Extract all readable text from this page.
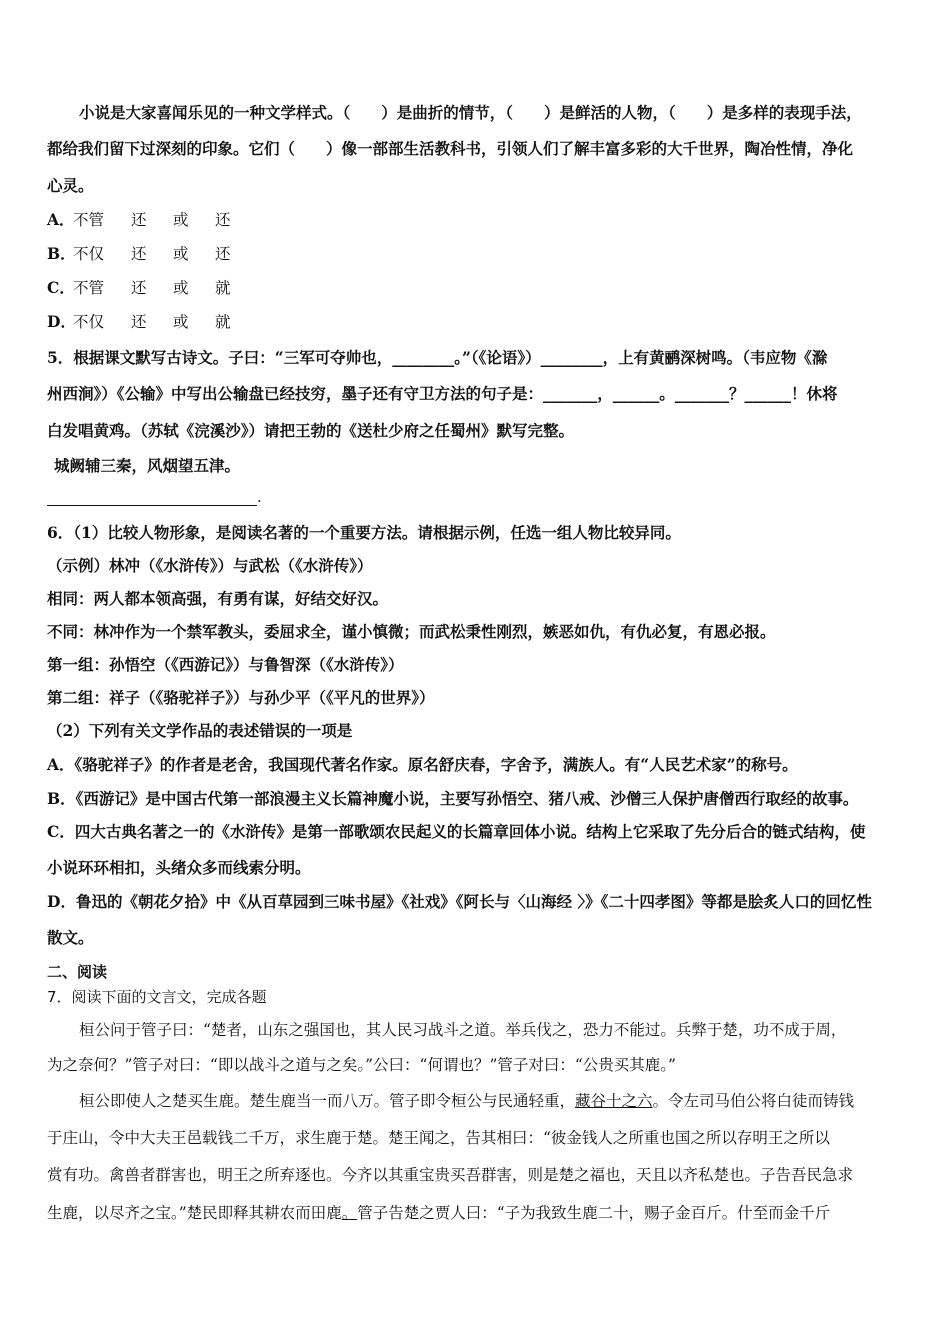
小说是大家喜闻乐见的一种文学样式。（　　）是曲折的情节，（　　）是鲜活的人物，（　　）是多样的表现手法，
都给我们留下过深刻的印象。它们（　　）像一部部生活教科书，引领人们了解丰富多彩的大千世界，陶冶性情，净化
心灵。
A．不管 还 或 还
B．不仅 还 或 还
C．不管 还 或 就
D．不仅 还 或 就
5．根据课文默写古诗文。子曰：“三军可夺帅也，________。”（《论语》）________，上有黄鹂深树鸣。（韦应物《滁
州西涧》）《公输》中写出公输盘已经技穷，墨子还有守卫方法的句子是：_______，______。_______？______！休将
白发唱黄鸡。（苏轼《浣溪沙》）请把王勃的《送杜少府之任蜀州》默写完整。
城阙辅三秦，风烟望五津。
.
6．（1）比较人物形象，是阅读名著的一个重要方法。请根据示例，任选一组人物比较异同。
（示例）林冲（《水浒传》）与武松（《水浒传》）
相同：两人都本领高强，有勇有谋，好结交好汉。
不同：林冲作为一个禁军教头，委屈求全，谨小慎微；而武松秉性刚烈，嫉恶如仇，有仇必复，有恩必报。
第一组：孙悟空（《西游记》）与鲁智深（《水浒传》）
第二组：祥子（《骆驼祥子》）与孙少平（《平凡的世界》）
（2）下列有关文学作品的表述错误的一项是
A．《骆驼祥子》的作者是老舍，我国现代著名作家。原名舒庆春，字舍予，满族人。有“人民艺术家”的称号。
B．《西游记》是中国古代第一部浪漫主义长篇神魔小说，主要写孙悟空、猪八戒、沙僧三人保护唐僧西行取经的故事。
C．四大古典名著之一的《水浒传》是第一部歌颂农民起义的长篇章回体小说。结构上它采取了先分后合的链式结构，使
小说环环相扣，头绪众多而线索分明。
D．鲁迅的《朝花夕拾》中《从百草园到三味书屋》《社戏》《阿长与〈山海经 〉》《二十四孝图》等都是脍炙人口的回忆性
散文。
二、阅读
7．阅读下面的文言文，完成各题
桓公问于管子曰：“楚者，山东之强国也，其人民习战斗之道。举兵伐之，恐力不能过。兵弊于楚，功不成于周，
为之奈何？”管子对曰：“即以战斗之道与之矣。”公曰：“何谓也？”管子对曰：“公贵买其鹿。”
桓公即使人之楚买生鹿。楚生鹿当一而八万。管子即令桓公与民通轻重，藏谷十之六。令左司马伯公将白徒而铸钱
于庄山，令中大夫王邑载钱二千万，求生鹿于楚。楚王闻之，告其相曰：“彼金钱人之所重也国之所以存明王之所以
赏有功。禽兽者群害也，明王之所弃逐也。今齐以其重宝贵买吾群害，则是楚之福也，天且以齐私楚也。子告吾民急求
生鹿，以尽齐之宝。”楚民即释其耕农而田鹿。管子告楚之贾人曰：“子为我致生鹿二十，赐子金百斤。什至而金千斤
